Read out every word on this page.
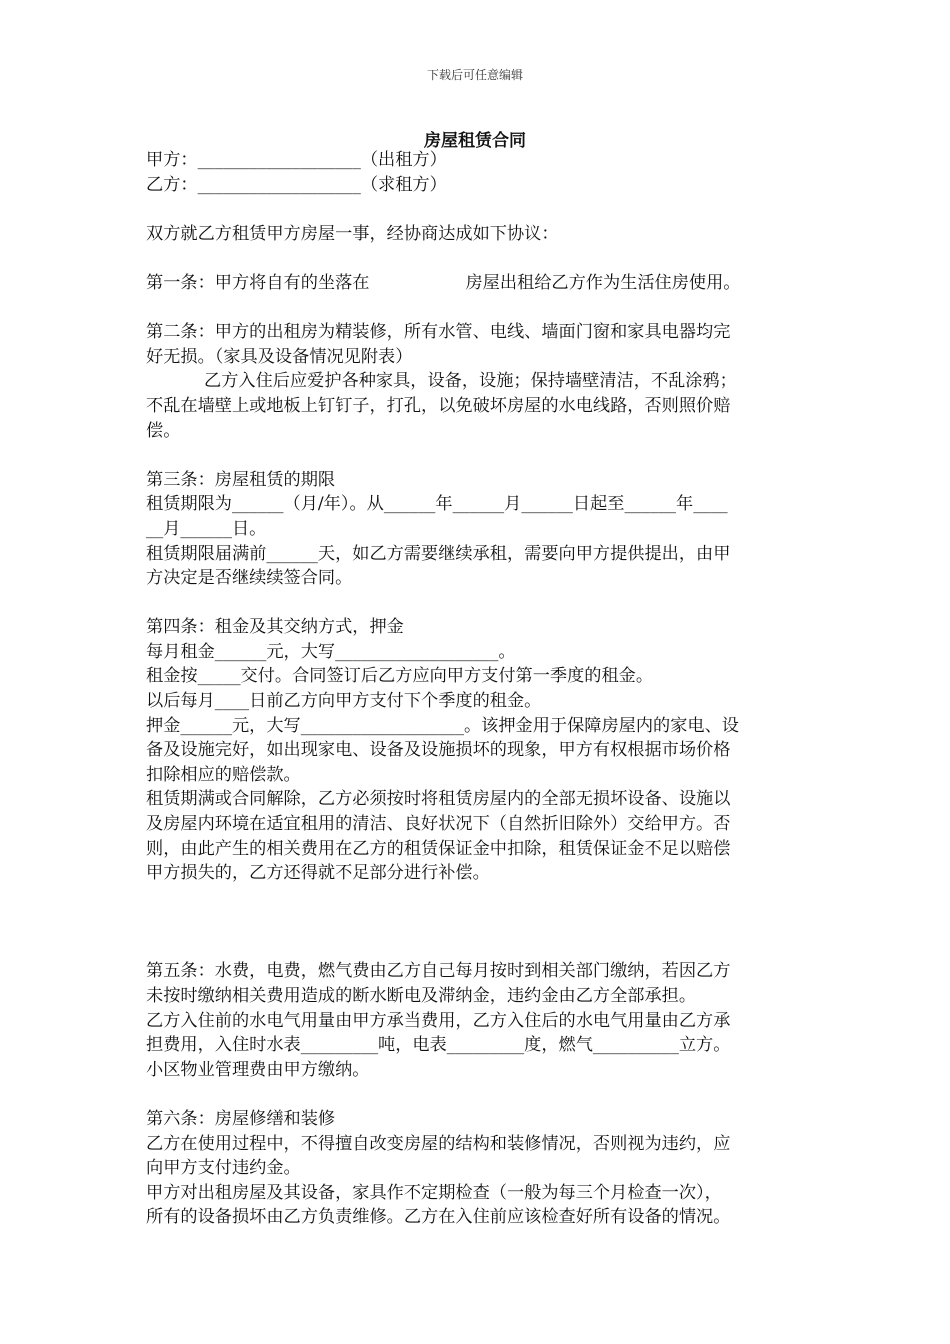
下载后可任意编辑
房屋租赁合同
甲方：___________________（出租方）
乙方：___________________（求租方）
双方就乙方租赁甲方房屋一事，经协商达成如下协议：
第一条：甲方将自有的坐落在	房屋出租给乙方作为生活住房使用。
第二条：甲方的出租房为精装修，所有水管、电线、墙面门窗和家具电器均完
好无损。（家具及设备情况见附表）
乙方入住后应爱护各种家具，设备，设施；保持墙壁清洁，不乱涂鸦；
不乱在墙壁上或地板上钉钉子，打孔，以免破坏房屋的水电线路，否则照价赔
偿。
第三条：房屋租赁的期限
租赁期限为______（月/年）。从______年______月______日起至______年____
__月______日。
租赁期限届满前______天，如乙方需要继续承租，需要向甲方提供提出，由甲
方决定是否继续续签合同。
第四条：租金及其交纳方式，押金
每月租金______元，大写___________________。
租金按_____交付。合同签订后乙方应向甲方支付第一季度的租金。
以后每月____日前乙方向甲方支付下个季度的租金。
押金______元，大写___________________。该押金用于保障房屋内的家电、设
备及设施完好，如出现家电、设备及设施损坏的现象，甲方有权根据市场价格
扣除相应的赔偿款。
租赁期满或合同解除，乙方必须按时将租赁房屋内的全部无损坏设备、设施以
及房屋内环境在适宜租用的清洁、良好状况下（自然折旧除外）交给甲方。否
则，由此产生的相关费用在乙方的租赁保证金中扣除，租赁保证金不足以赔偿
甲方损失的，乙方还得就不足部分进行补偿。
第五条：水费，电费，燃气费由乙方自己每月按时到相关部门缴纳，若因乙方
未按时缴纳相关费用造成的断水断电及滞纳金，违约金由乙方全部承担。
乙方入住前的水电气用量由甲方承当费用，乙方入住后的水电气用量由乙方承
担费用，入住时水表_________吨，电表_________度，燃气__________立方。
小区物业管理费由甲方缴纳。
第六条：房屋修缮和装修
乙方在使用过程中，不得擅自改变房屋的结构和装修情况，否则视为违约，应
向甲方支付违约金。
甲方对出租房屋及其设备，家具作不定期检查（一般为每三个月检查一次），
所有的设备损坏由乙方负责维修。乙方在入住前应该检查好所有设备的情况。
